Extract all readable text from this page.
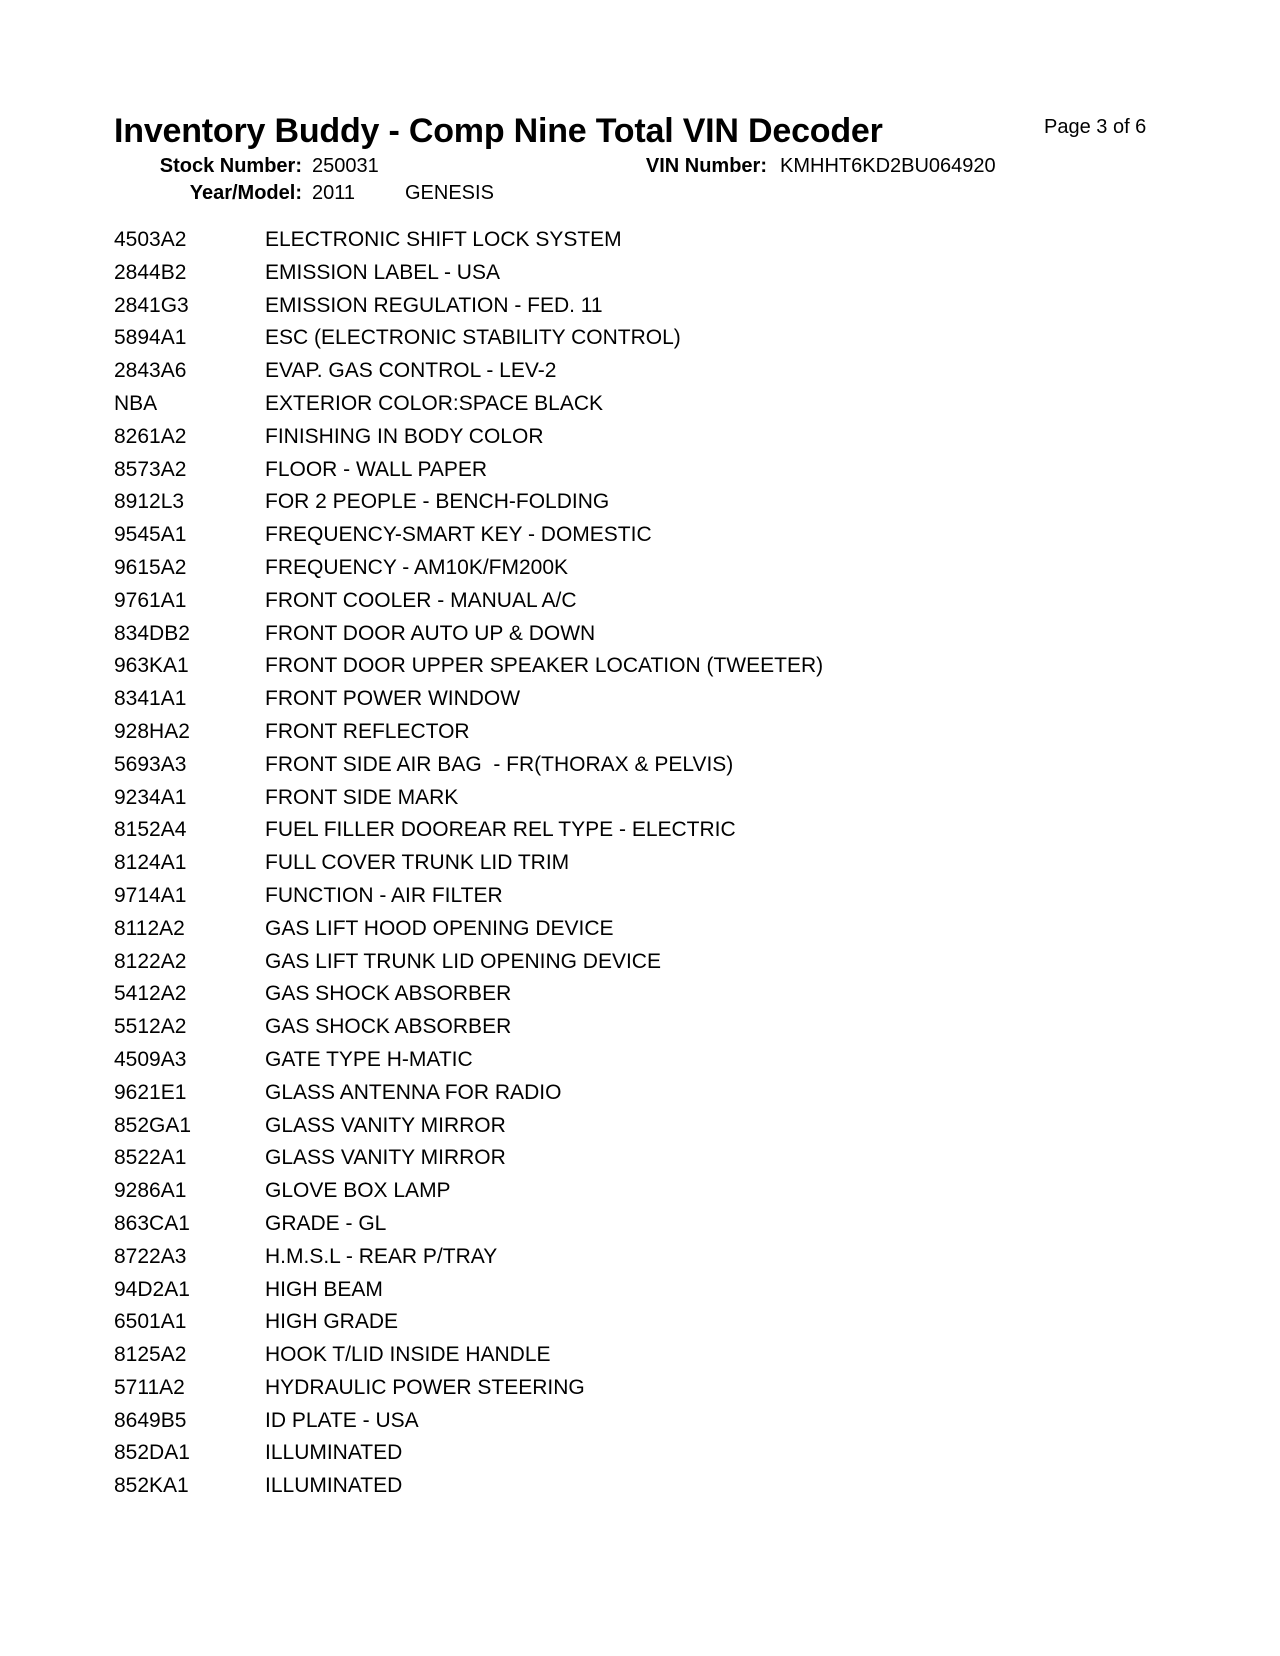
Inventory Buddy - Comp Nine Total VIN Decoder	Page 3 of 6
Stock Number: 250031	VIN Number: KMHHT6KD2BU064920
Year/Model: 2011 GENESIS
4503A2	ELECTRONIC SHIFT LOCK SYSTEM
2844B2	EMISSION LABEL - USA
2841G3	EMISSION REGULATION - FED. 11
5894A1	ESC (ELECTRONIC STABILITY CONTROL)
2843A6	EVAP. GAS CONTROL - LEV-2
NBA	EXTERIOR COLOR:SPACE BLACK
8261A2	FINISHING IN BODY COLOR
8573A2	FLOOR - WALL PAPER
8912L3	FOR 2 PEOPLE - BENCH-FOLDING
9545A1	FREQUENCY-SMART KEY - DOMESTIC
9615A2	FREQUENCY - AM10K/FM200K
9761A1	FRONT COOLER - MANUAL A/C
834DB2	FRONT DOOR AUTO UP & DOWN
963KA1	FRONT DOOR UPPER SPEAKER LOCATION (TWEETER)
8341A1	FRONT POWER WINDOW
928HA2	FRONT REFLECTOR
5693A3	FRONT SIDE AIR BAG  - FR(THORAX & PELVIS)
9234A1	FRONT SIDE MARK
8152A4	FUEL FILLER DOOREAR REL TYPE - ELECTRIC
8124A1	FULL COVER TRUNK LID TRIM
9714A1	FUNCTION - AIR FILTER
8112A2	GAS LIFT HOOD OPENING DEVICE
8122A2	GAS LIFT TRUNK LID OPENING DEVICE
5412A2	GAS SHOCK ABSORBER
5512A2	GAS SHOCK ABSORBER
4509A3	GATE TYPE H-MATIC
9621E1	GLASS ANTENNA FOR RADIO
852GA1	GLASS VANITY MIRROR
8522A1	GLASS VANITY MIRROR
9286A1	GLOVE BOX LAMP
863CA1	GRADE - GL
8722A3	H.M.S.L - REAR P/TRAY
94D2A1	HIGH BEAM
6501A1	HIGH GRADE
8125A2	HOOK T/LID INSIDE HANDLE
5711A2	HYDRAULIC POWER STEERING
8649B5	ID PLATE - USA
852DA1	ILLUMINATED
852KA1	ILLUMINATED
